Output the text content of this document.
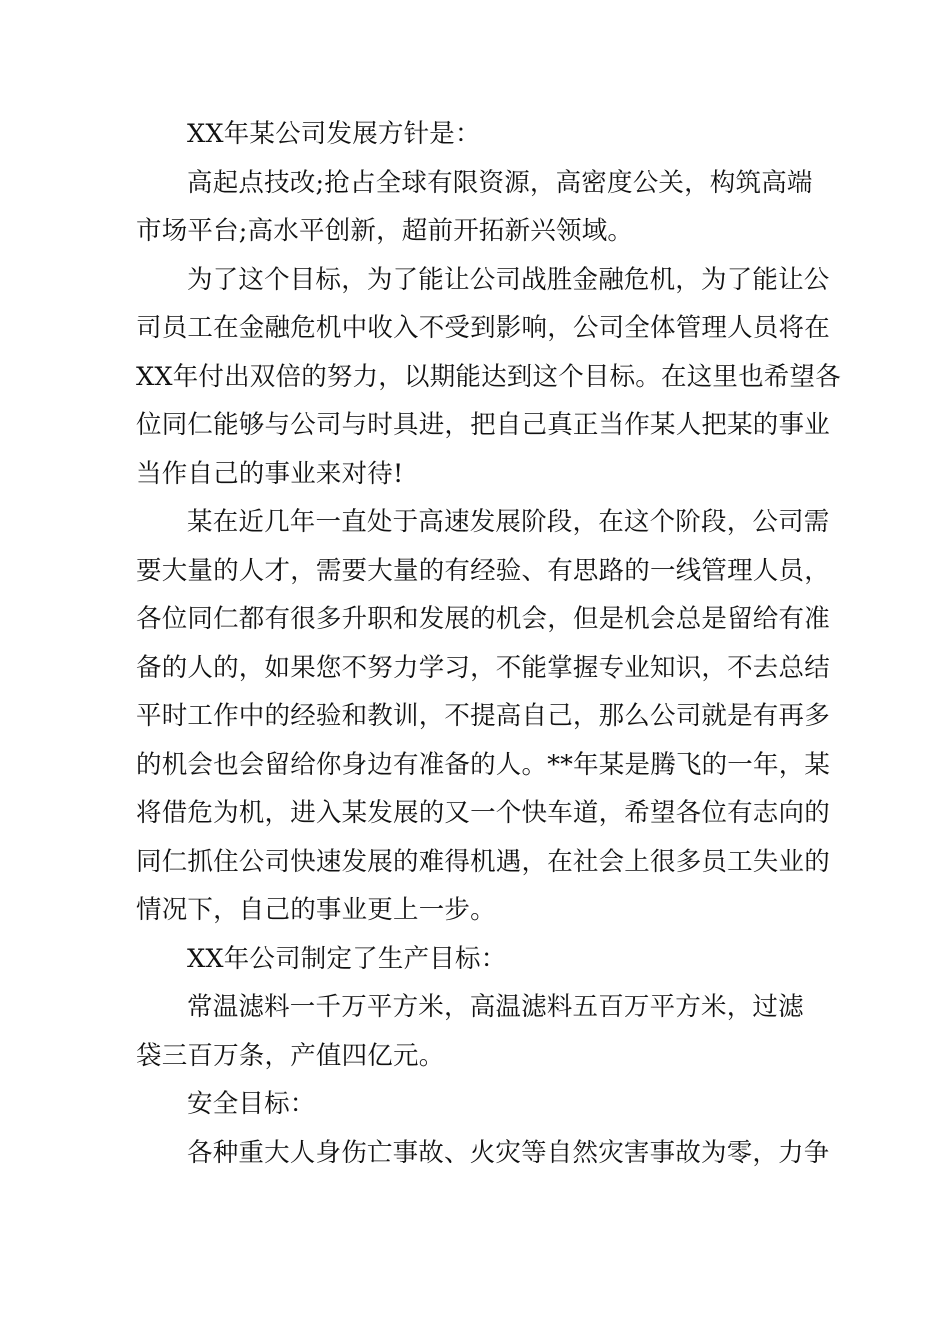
XX年某公司发展方针是：

高起点技改;抢占全球有限资源，高密度公关，构筑高端
市场平台;高水平创新，超前开拓新兴领域。

为了这个目标，为了能让公司战胜金融危机，为了能让公
司员工在金融危机中收入不受到影响，公司全体管理人员将在
XX年付出双倍的努力，以期能达到这个目标。在这里也希望各
位同仁能够与公司与时具进，把自己真正当作某人把某的事业
当作自己的事业来对待!

某在近几年一直处于高速发展阶段，在这个阶段，公司需
要大量的人才，需要大量的有经验、有思路的一线管理人员，
各位同仁都有很多升职和发展的机会，但是机会总是留给有准
备的人的，如果您不努力学习，不能掌握专业知识，不去总结
平时工作中的经验和教训，不提高自己，那么公司就是有再多
的机会也会留给你身边有准备的人。**年某是腾飞的一年，某
将借危为机，进入某发展的又一个快车道，希望各位有志向的
同仁抓住公司快速发展的难得机遇，在社会上很多员工失业的
情况下，自己的事业更上一步。

XX年公司制定了生产目标：

常温滤料一千万平方米，高温滤料五百万平方米，过滤
袋三百万条，产值四亿元。

安全目标：

各种重大人身伤亡事故、火灾等自然灾害事故为零，力争
